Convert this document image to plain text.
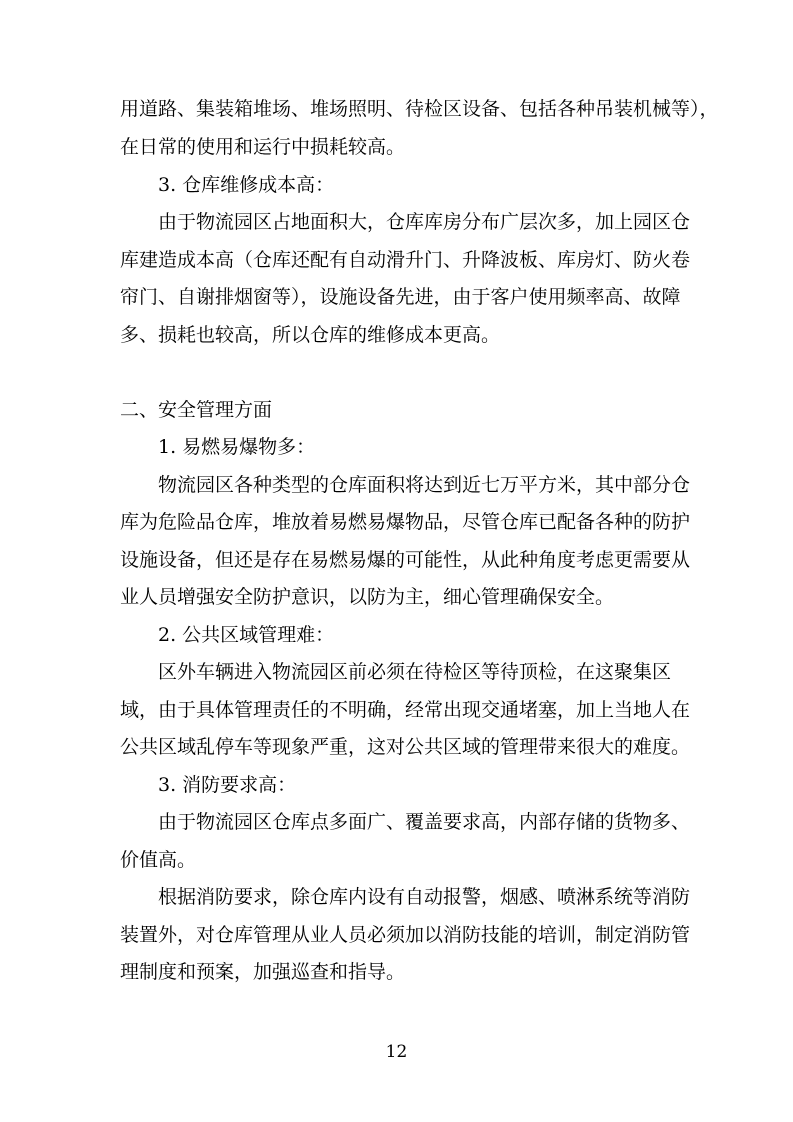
用道路、集装箱堆场、堆场照明、待检区设备、包括各种吊装机械等），
在日常的使用和运行中损耗较高。
3. 仓库维修成本高：
由于物流园区占地面积大，仓库库房分布广层次多，加上园区仓
库建造成本高（仓库还配有自动滑升门、升降波板、库房灯、防火卷
帘门、自谢排烟窗等），设施设备先进，由于客户使用频率高、故障
多、损耗也较高，所以仓库的维修成本更高。
二、安全管理方面
1. 易燃易爆物多：
物流园区各种类型的仓库面积将达到近七万平方米，其中部分仓
库为危险品仓库，堆放着易燃易爆物品，尽管仓库已配备各种的防护
设施设备，但还是存在易燃易爆的可能性，从此种角度考虑更需要从
业人员增强安全防护意识，以防为主，细心管理确保安全。
2. 公共区域管理难：
区外车辆进入物流园区前必须在待检区等待顶检，在这聚集区
域，由于具体管理责任的不明确，经常出现交通堵塞，加上当地人在
公共区域乱停车等现象严重，这对公共区域的管理带来很大的难度。
3. 消防要求高：
由于物流园区仓库点多面广、覆盖要求高，内部存储的货物多、
价值高。
根据消防要求，除仓库内设有自动报警，烟感、喷淋系统等消防
装置外，对仓库管理从业人员必须加以消防技能的培训，制定消防管
理制度和预案，加强巡查和指导。
12
